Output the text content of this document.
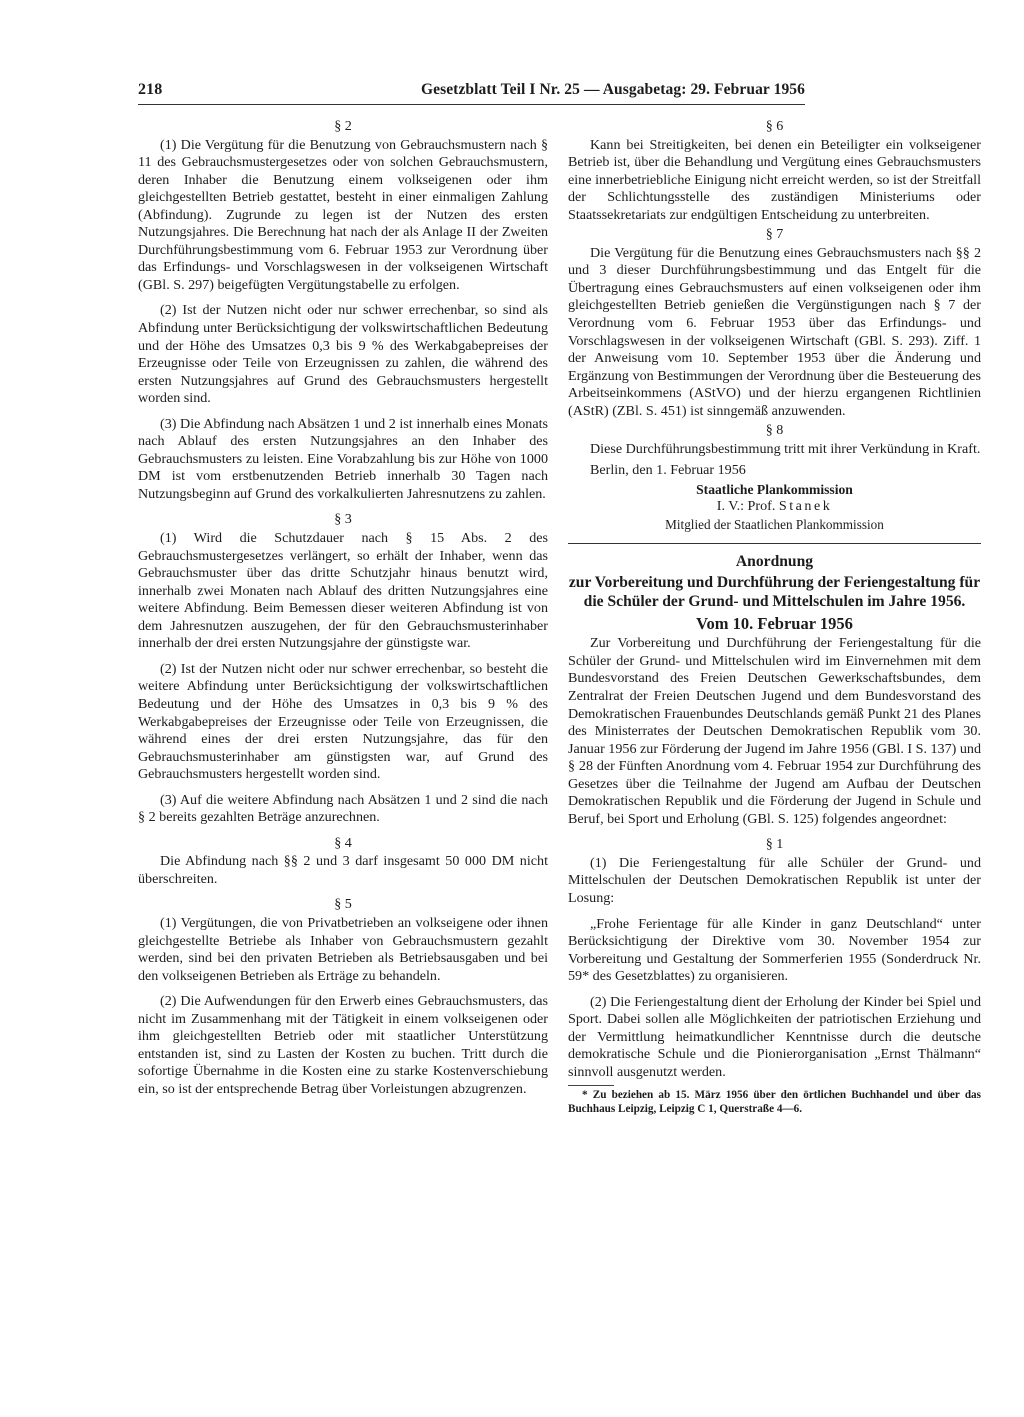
218	Gesetzblatt Teil I Nr. 25 — Ausgabetag: 29. Februar 1956
§ 2

(1) Die Vergütung für die Benutzung von Gebrauchsmustern nach § 11 des Gebrauchsmustergesetzes oder von solchen Gebrauchsmustern, deren Inhaber die Benutzung einem volkseigenen oder ihm gleichgestellten Betrieb gestattet, besteht in einer einmaligen Zahlung (Abfindung). Zugrunde zu legen ist der Nutzen des ersten Nutzungsjahres. Die Berechnung hat nach der als Anlage II der Zweiten Durchführungsbestimmung vom 6. Februar 1953 zur Verordnung über das Erfindungs- und Vorschlagswesen in der volkseigenen Wirtschaft (GBl. S. 297) beigefügten Vergütungstabelle zu erfolgen.

(2) Ist der Nutzen nicht oder nur schwer errechenbar, so sind als Abfindung unter Berücksichtigung der volkswirtschaftlichen Bedeutung und der Höhe des Umsatzes 0,3 bis 9 % des Werkabgabepreises der Erzeugnisse oder Teile von Erzeugnissen zu zahlen, die während des ersten Nutzungsjahres auf Grund des Gebrauchsmusters hergestellt worden sind.

(3) Die Abfindung nach Absätzen 1 und 2 ist innerhalb eines Monats nach Ablauf des ersten Nutzungsjahres an den Inhaber des Gebrauchsmusters zu leisten. Eine Vorabzahlung bis zur Höhe von 1000 DM ist vom erstbenutzenden Betrieb innerhalb 30 Tagen nach Nutzungsbeginn auf Grund des vorkalkulierten Jahresnutzens zu zahlen.

§ 3

(1) Wird die Schutzdauer nach § 15 Abs. 2 des Gebrauchsmustergesetzes verlängert, so erhält der Inhaber, wenn das Gebrauchsmuster über das dritte Schutzjahr hinaus benutzt wird, innerhalb zwei Monaten nach Ablauf des dritten Nutzungsjahres eine weitere Abfindung. Beim Bemessen dieser weiteren Abfindung ist von dem Jahresnutzen auszugehen, der für den Gebrauchsmusterinhaber innerhalb der drei ersten Nutzungsjahre der günstigste war.

(2) Ist der Nutzen nicht oder nur schwer errechenbar, so besteht die weitere Abfindung unter Berücksichtigung der volkswirtschaftlichen Bedeutung und der Höhe des Umsatzes in 0,3 bis 9 % des Werkabgabepreises der Erzeugnisse oder Teile von Erzeugnissen, die während eines der drei ersten Nutzungsjahre, das für den Gebrauchsmusterinhaber am günstigsten war, auf Grund des Gebrauchsmusters hergestellt worden sind.

(3) Auf die weitere Abfindung nach Absätzen 1 und 2 sind die nach § 2 bereits gezahlten Beträge anzurechnen.

§ 4

Die Abfindung nach §§ 2 und 3 darf insgesamt 50 000 DM nicht überschreiten.

§ 5

(1) Vergütungen, die von Privatbetrieben an volkseigene oder ihnen gleichgestellte Betriebe als Inhaber von Gebrauchsmustern gezahlt werden, sind bei den privaten Betrieben als Betriebsausgaben und bei den volkseigenen Betrieben als Erträge zu behandeln.

(2) Die Aufwendungen für den Erwerb eines Gebrauchsmusters, das nicht im Zusammenhang mit der Tätigkeit in einem volkseigenen oder ihm gleichgestellten Betrieb oder mit staatlicher Unterstützung entstanden ist, sind zu Lasten der Kosten zu buchen. Tritt durch die sofortige Übernahme in die Kosten eine zu starke Kostenverschiebung ein, so ist der entsprechende Betrag über Vorleistungen abzugrenzen.

§ 6

Kann bei Streitigkeiten, bei denen ein Beteiligter ein volkseigener Betrieb ist, über die Behandlung und Vergütung eines Gebrauchsmusters eine innerbetriebliche Einigung nicht erreicht werden, so ist der Streitfall der Schlichtungsstelle des zuständigen Ministeriums oder Staatssekretariats zur endgültigen Entscheidung zu unterbreiten.

§ 7

Die Vergütung für die Benutzung eines Gebrauchsmusters nach §§ 2 und 3 dieser Durchführungsbestimmung und das Entgelt für die Übertragung eines Gebrauchsmusters auf einen volkseigenen oder ihm gleichgestellten Betrieb genießen die Vergünstigungen nach § 7 der Verordnung vom 6. Februar 1953 über das Erfindungs- und Vorschlagswesen in der volkseigenen Wirtschaft (GBl. S. 293). Ziff. 1 der Anweisung vom 10. September 1953 über die Änderung und Ergänzung von Bestimmungen der Verordnung über die Besteuerung des Arbeitseinkommens (AStVO) und der hierzu ergangenen Richtlinien (AStR) (ZBl. S. 451) ist sinngemäß anzuwenden.

§ 8

Diese Durchführungsbestimmung tritt mit ihrer Verkündung in Kraft.

Berlin, den 1. Februar 1956
Staatliche Plankommission
I. V.: Prof. Stanek
Mitglied der Staatlichen Plankommission
Anordnung
zur Vorbereitung und Durchführung der Feriengestaltung für die Schüler der Grund- und Mittelschulen im Jahre 1956.
Vom 10. Februar 1956

Zur Vorbereitung und Durchführung der Feriengestaltung für die Schüler der Grund- und Mittelschulen wird im Einvernehmen mit dem Bundesvorstand des Freien Deutschen Gewerkschaftsbundes, dem Zentralrat der Freien Deutschen Jugend und dem Bundesvorstand des Demokratischen Frauenbundes Deutschlands gemäß Punkt 21 des Planes des Ministerrates der Deutschen Demokratischen Republik vom 30. Januar 1956 zur Förderung der Jugend im Jahre 1956 (GBl. I S. 137) und § 28 der Fünften Anordnung vom 4. Februar 1954 zur Durchführung des Gesetzes über die Teilnahme der Jugend am Aufbau der Deutschen Demokratischen Republik und die Förderung der Jugend in Schule und Beruf, bei Sport und Erholung (GBl. S. 125) folgendes angeordnet:

§ 1

(1) Die Feriengestaltung für alle Schüler der Grund- und Mittelschulen der Deutschen Demokratischen Republik ist unter der Losung:

„Frohe Ferientage für alle Kinder in ganz Deutschland“ unter Berücksichtigung der Direktive vom 30. November 1954 zur Vorbereitung und Gestaltung der Sommerferien 1955 (Sonderdruck Nr. 59* des Gesetzblattes) zu organisieren.

(2) Die Feriengestaltung dient der Erholung der Kinder bei Spiel und Sport. Dabei sollen alle Möglichkeiten der patriotischen Erziehung und der Vermittlung heimatkundlicher Kenntnisse durch die deutsche demokratische Schule und die Pionierorganisation „Ernst Thälmann“ sinnvoll ausgenutzt werden.

* Zu beziehen ab 15. März 1956 über den örtlichen Buchhandel und über das Buchhaus Leipzig, Leipzig C 1, Querstraße 4—6.
